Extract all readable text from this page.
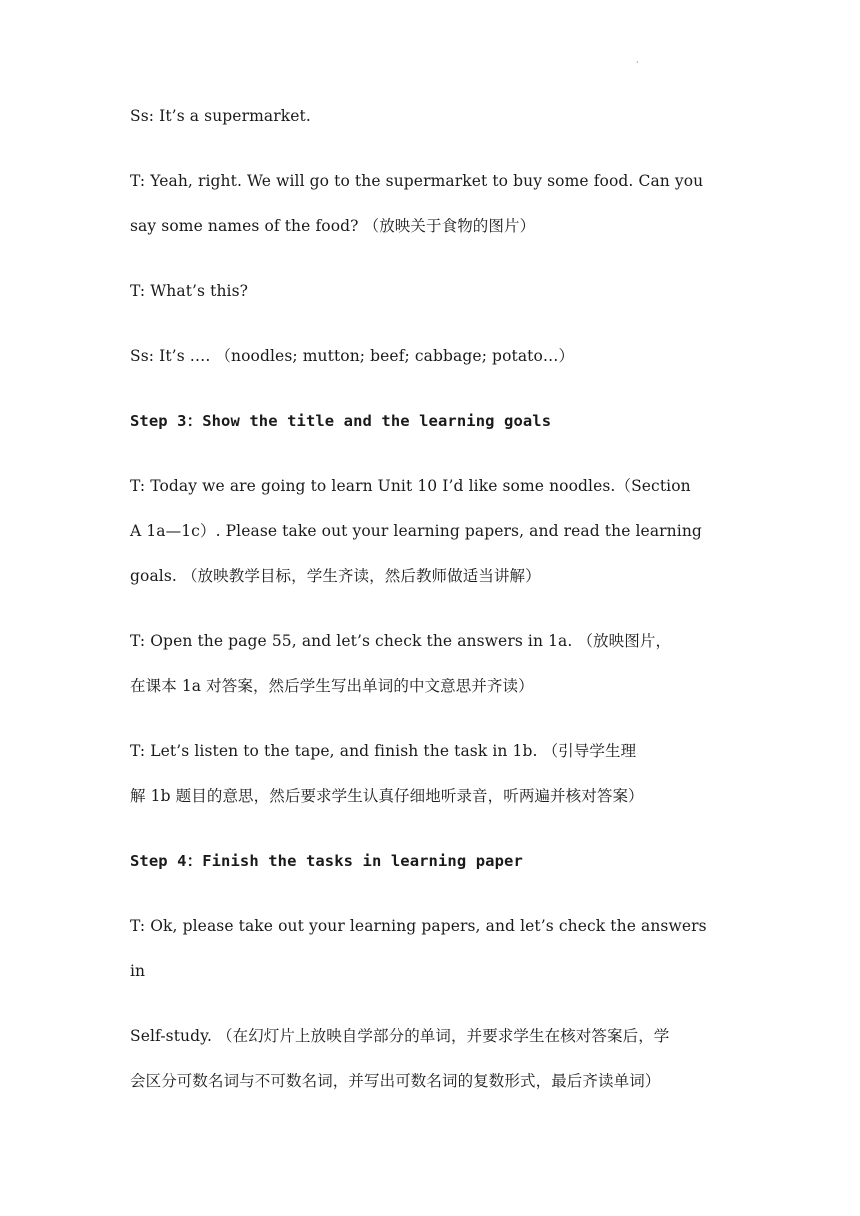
·
Ss: It’s a supermarket.
T: Yeah, right. We will go to the supermarket to buy some food. Can you
say some names of the food? （放映关于食物的图片）
T: What’s this?
Ss: It’s …. （noodles; mutton; beef; cabbage; potato…）
Step 3：Show the title and the learning goals
T: Today we are going to learn Unit 10 I’d like some noodles.（Section
A 1a—1c）. Please take out your learning papers, and read the learning
goals. （放映教学目标，学生齐读，然后教师做适当讲解）
T: Open the page 55, and let’s check the answers in 1a. （放映图片，
在课本 1a 对答案，然后学生写出单词的中文意思并齐读）
T: Let’s listen to the tape, and finish the task in 1b. （引导学生理
解 1b 题目的意思，然后要求学生认真仔细地听录音，听两遍并核对答案）
Step 4：Finish the tasks in learning paper
T: Ok, please take out your learning papers, and let’s check the answers
in
Self-study. （在幻灯片上放映自学部分的单词，并要求学生在核对答案后，学
会区分可数名词与不可数名词，并写出可数名词的复数形式，最后齐读单词）
